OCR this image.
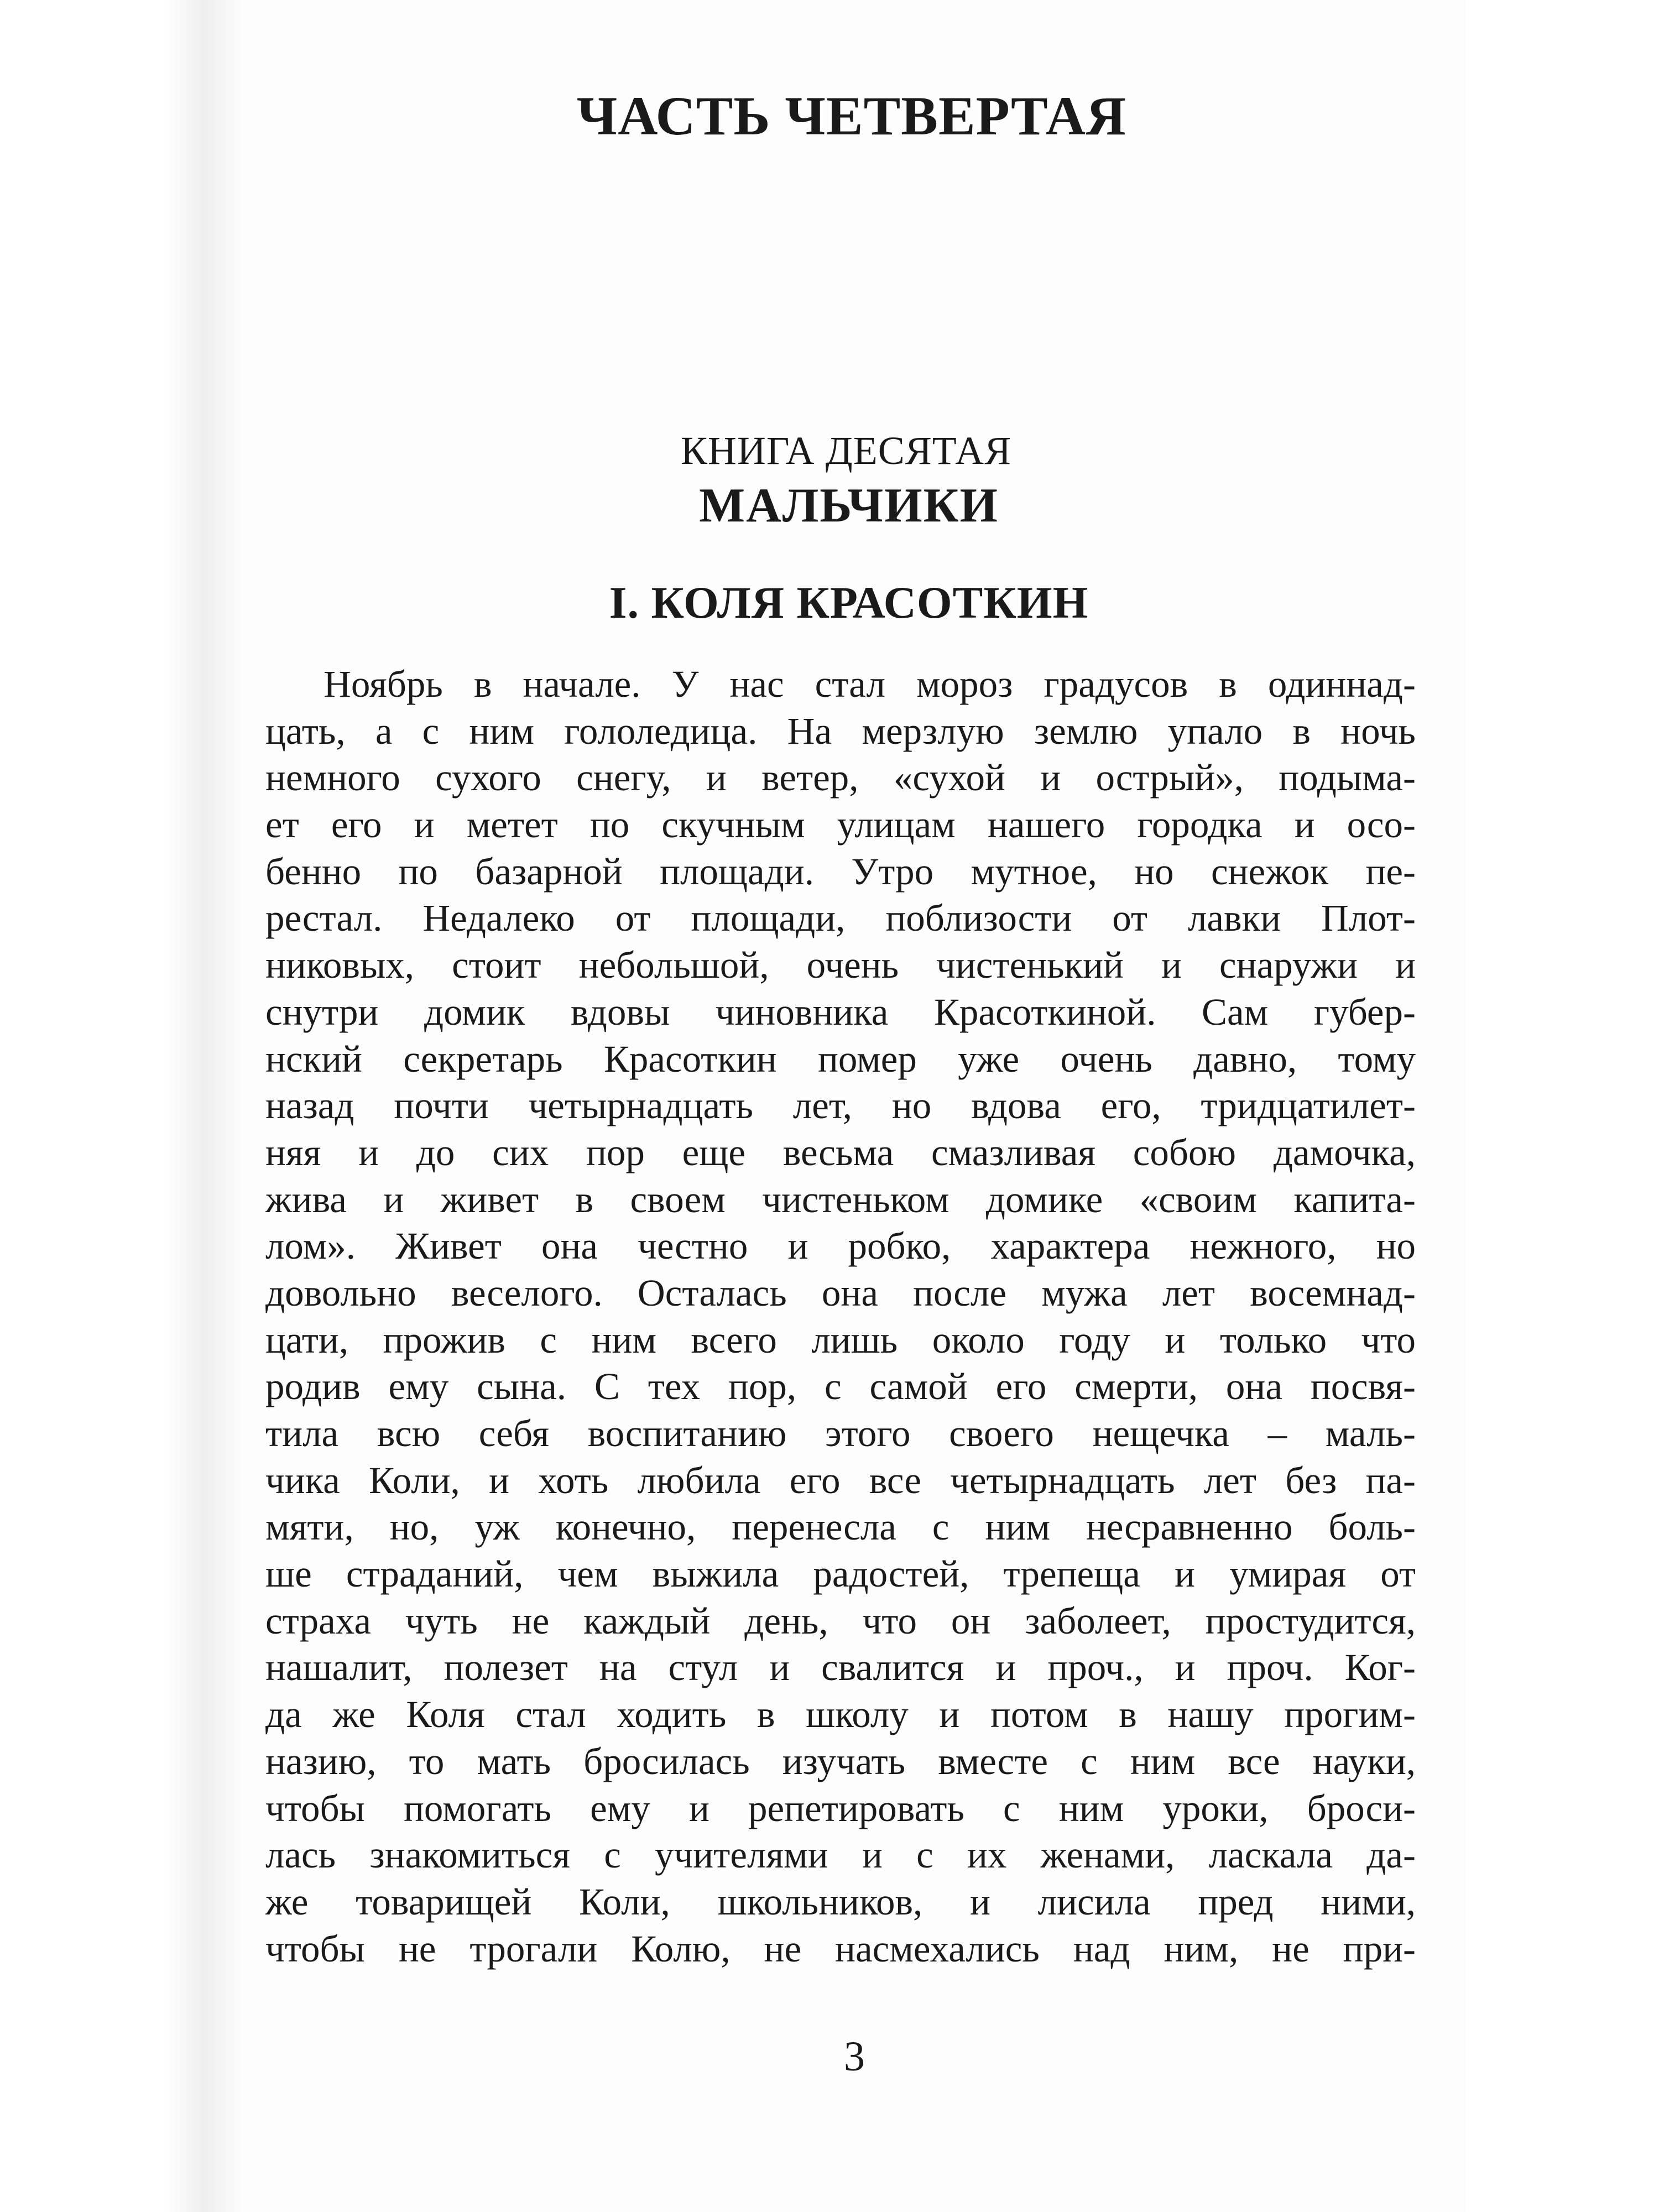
ЧАСТЬ ЧЕТВЕРТАЯ
КНИГА ДЕСЯТАЯ
МАЛЬЧИКИ
I. КОЛЯ КРАСОТКИН
Ноябрь в начале. У нас стал мороз градусов в одиннад-
цать, а с ним гололедица. На мерзлую землю упало в ночь
немного сухого снегу, и ветер, «сухой и острый», подыма-
ет его и метет по скучным улицам нашего городка и осо-
бенно по базарной площади. Утро мутное, но снежок пе-
рестал. Недалеко от площади, поблизости от лавки Плот-
никовых, стоит небольшой, очень чистенький и снаружи и
снутри домик вдовы чиновника Красоткиной. Сам губер-
нский секретарь Красоткин помер уже очень давно, тому
назад почти четырнадцать лет, но вдова его, тридцатилет-
няя и до сих пор еще весьма смазливая собою дамочка,
жива и живет в своем чистеньком домике «своим капита-
лом». Живет она честно и робко, характера нежного, но
довольно веселого. Осталась она после мужа лет восемнад-
цати, прожив с ним всего лишь около году и только что
родив ему сына. С тех пор, с самой его смерти, она посвя-
тила всю себя воспитанию этого своего нещечка – маль-
чика Коли, и хоть любила его все четырнадцать лет без па-
мяти, но, уж конечно, перенесла с ним несравненно боль-
ше страданий, чем выжила радостей, трепеща и умирая от
страха чуть не каждый день, что он заболеет, простудится,
нашалит, полезет на стул и свалится и проч., и проч. Ког-
да же Коля стал ходить в школу и потом в нашу прогим-
назию, то мать бросилась изучать вместе с ним все науки,
чтобы помогать ему и репетировать с ним уроки, броси-
лась знакомиться с учителями и с их женами, ласкала да-
же товарищей Коли, школьников, и лисила пред ними,
чтобы не трогали Колю, не насмехались над ним, не при-
3
